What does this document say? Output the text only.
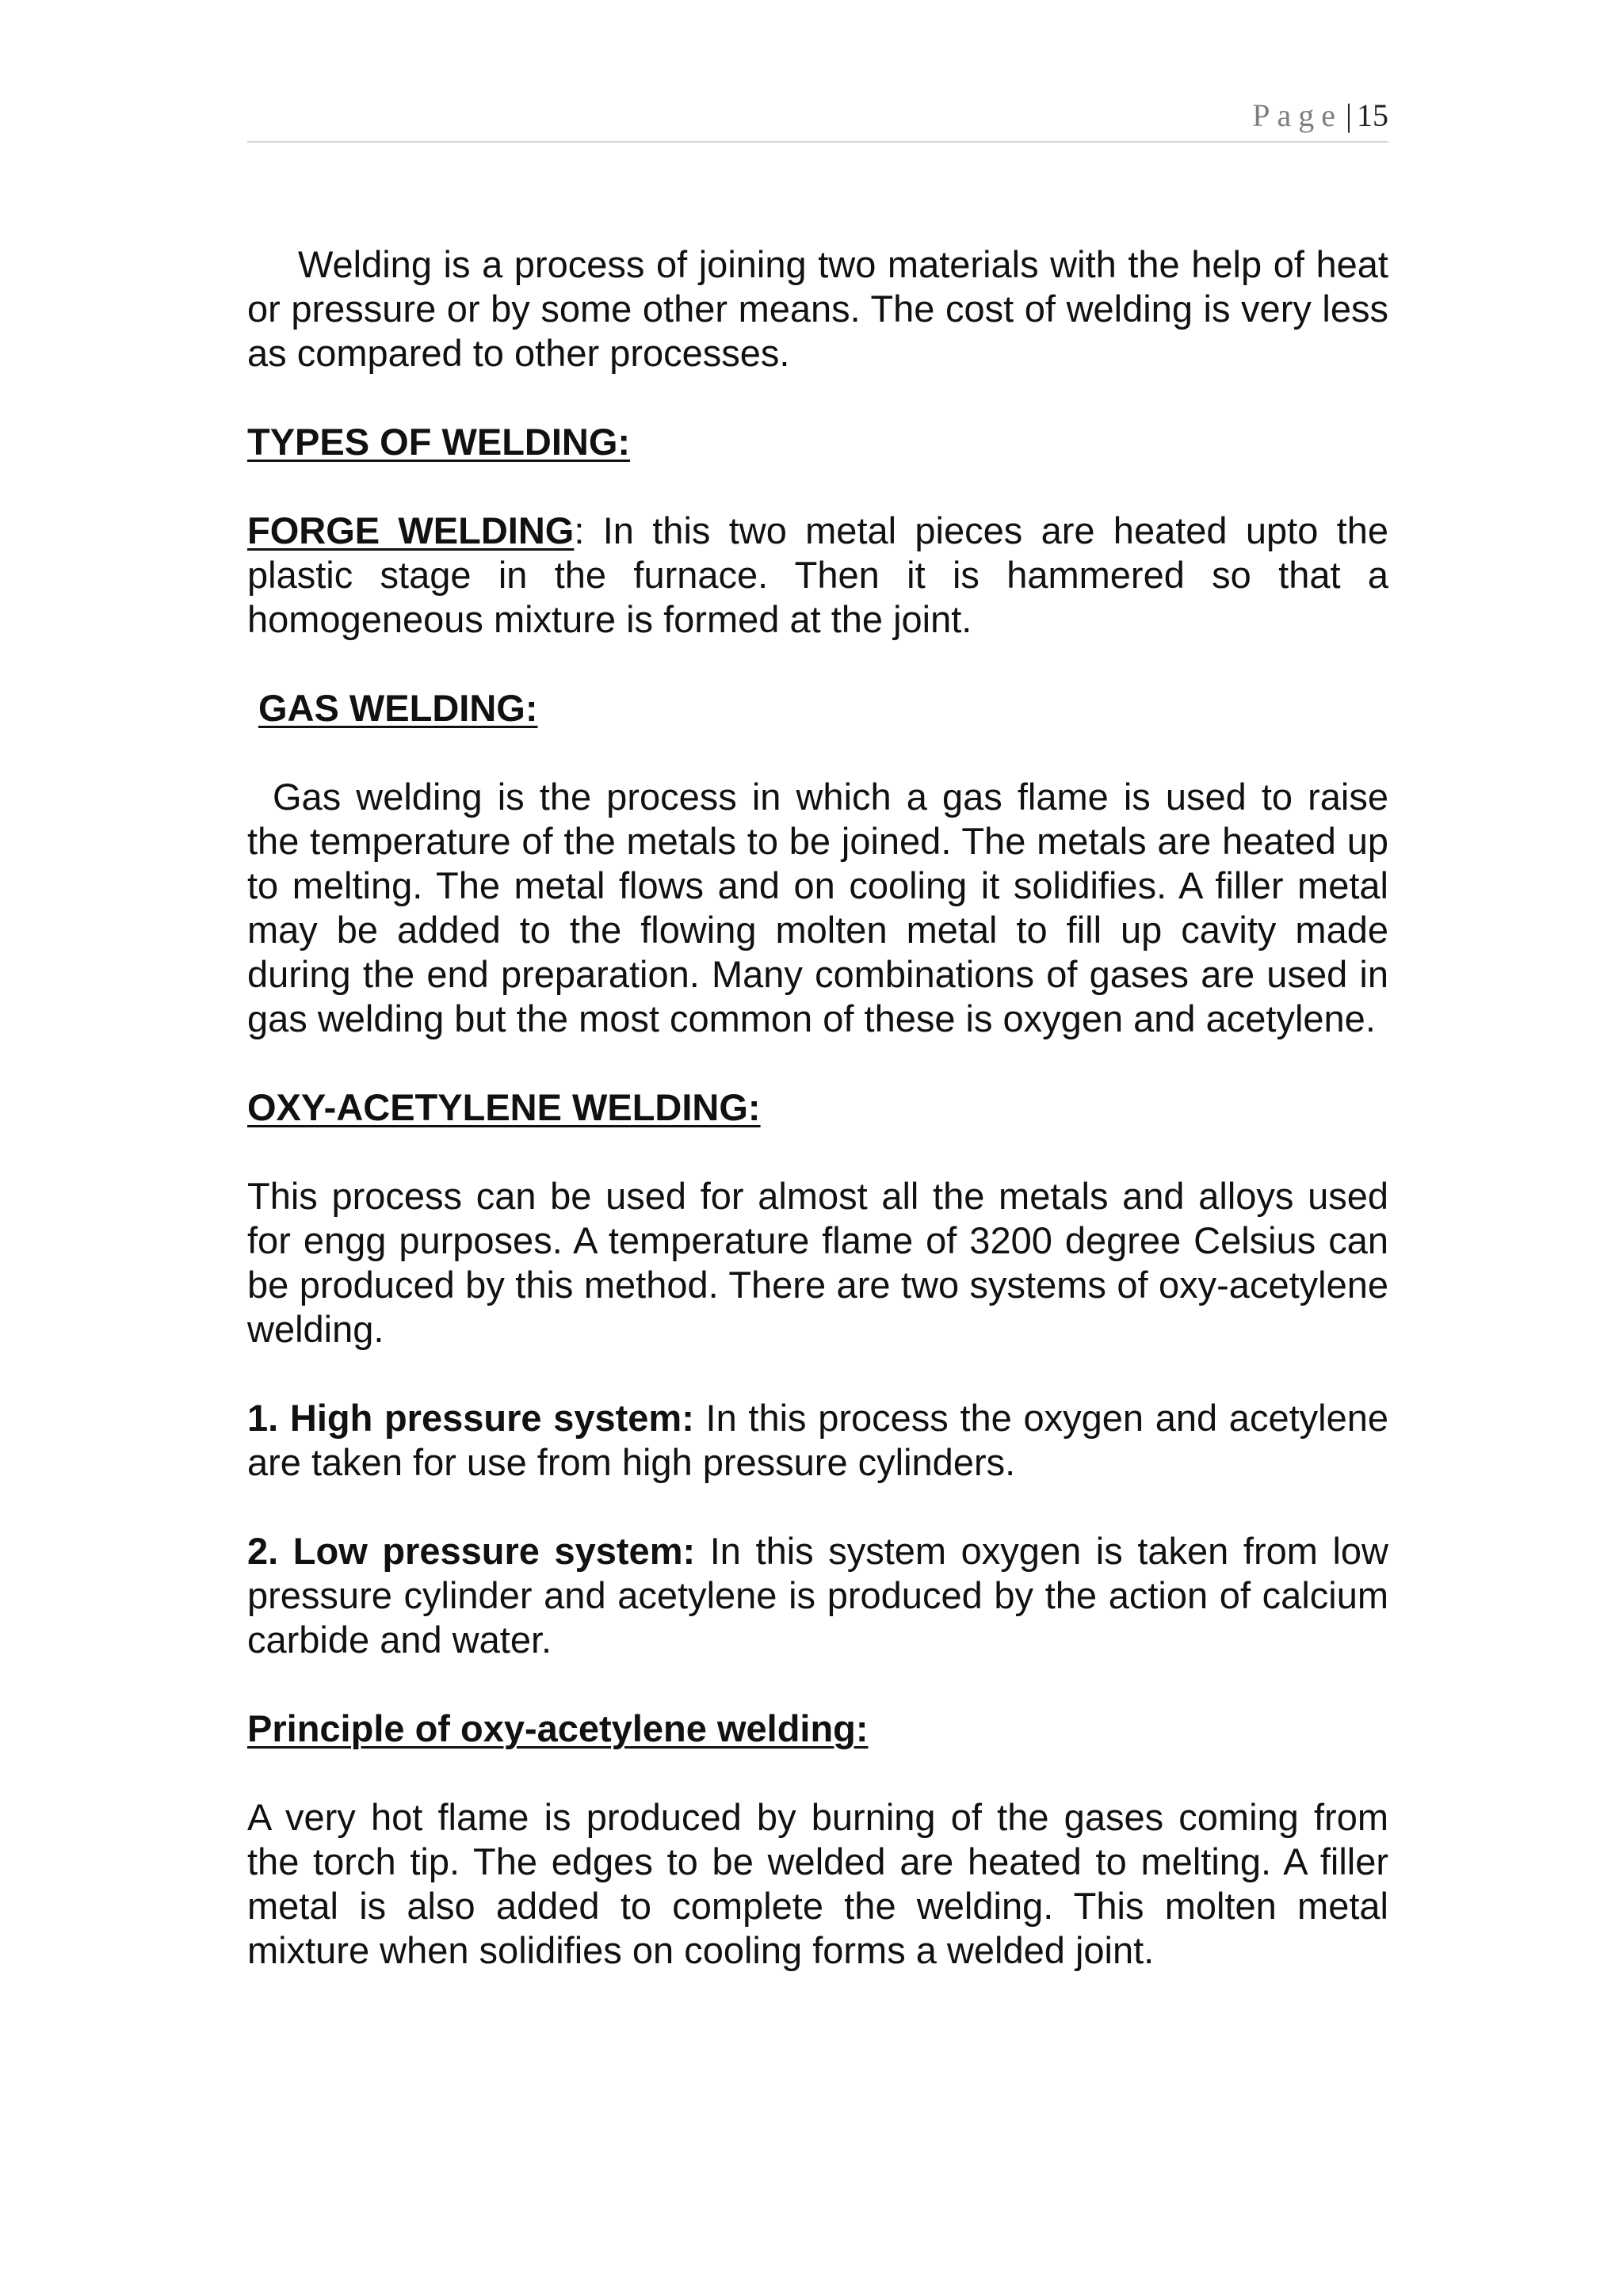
Page | 15

Welding is a process of joining two materials with the help of heat or pressure or by some other means. The cost of welding is very less as compared to other processes.

TYPES OF WELDING:

FORGE WELDING: In this two metal pieces are heated upto the plastic stage in the furnace. Then it is hammered so that a homogeneous mixture is formed at the joint.

GAS WELDING:

Gas welding is the process in which a gas flame is used to raise the temperature of the metals to be joined. The metals are heated up to melting. The metal flows and on cooling it solidifies. A filler metal may be added to the flowing molten metal to fill up cavity made during the end preparation. Many combinations of gases are used in gas welding but the most common of these is oxygen and acetylene.

OXY-ACETYLENE WELDING:

This process can be used for almost all the metals and alloys used for engg purposes. A temperature flame of 3200 degree Celsius can be produced by this method. There are two systems of oxy-acetylene welding.

1. High pressure system: In this process the oxygen and acetylene are taken for use from high pressure cylinders.

2. Low pressure system: In this system oxygen is taken from low pressure cylinder and acetylene is produced by the action of calcium carbide and water.

Principle of oxy-acetylene welding:

A very hot flame is produced by burning of the gases coming from the torch tip. The edges to be welded are heated to melting. A filler metal is also added to complete the welding. This molten metal mixture when solidifies on cooling forms a welded joint.
